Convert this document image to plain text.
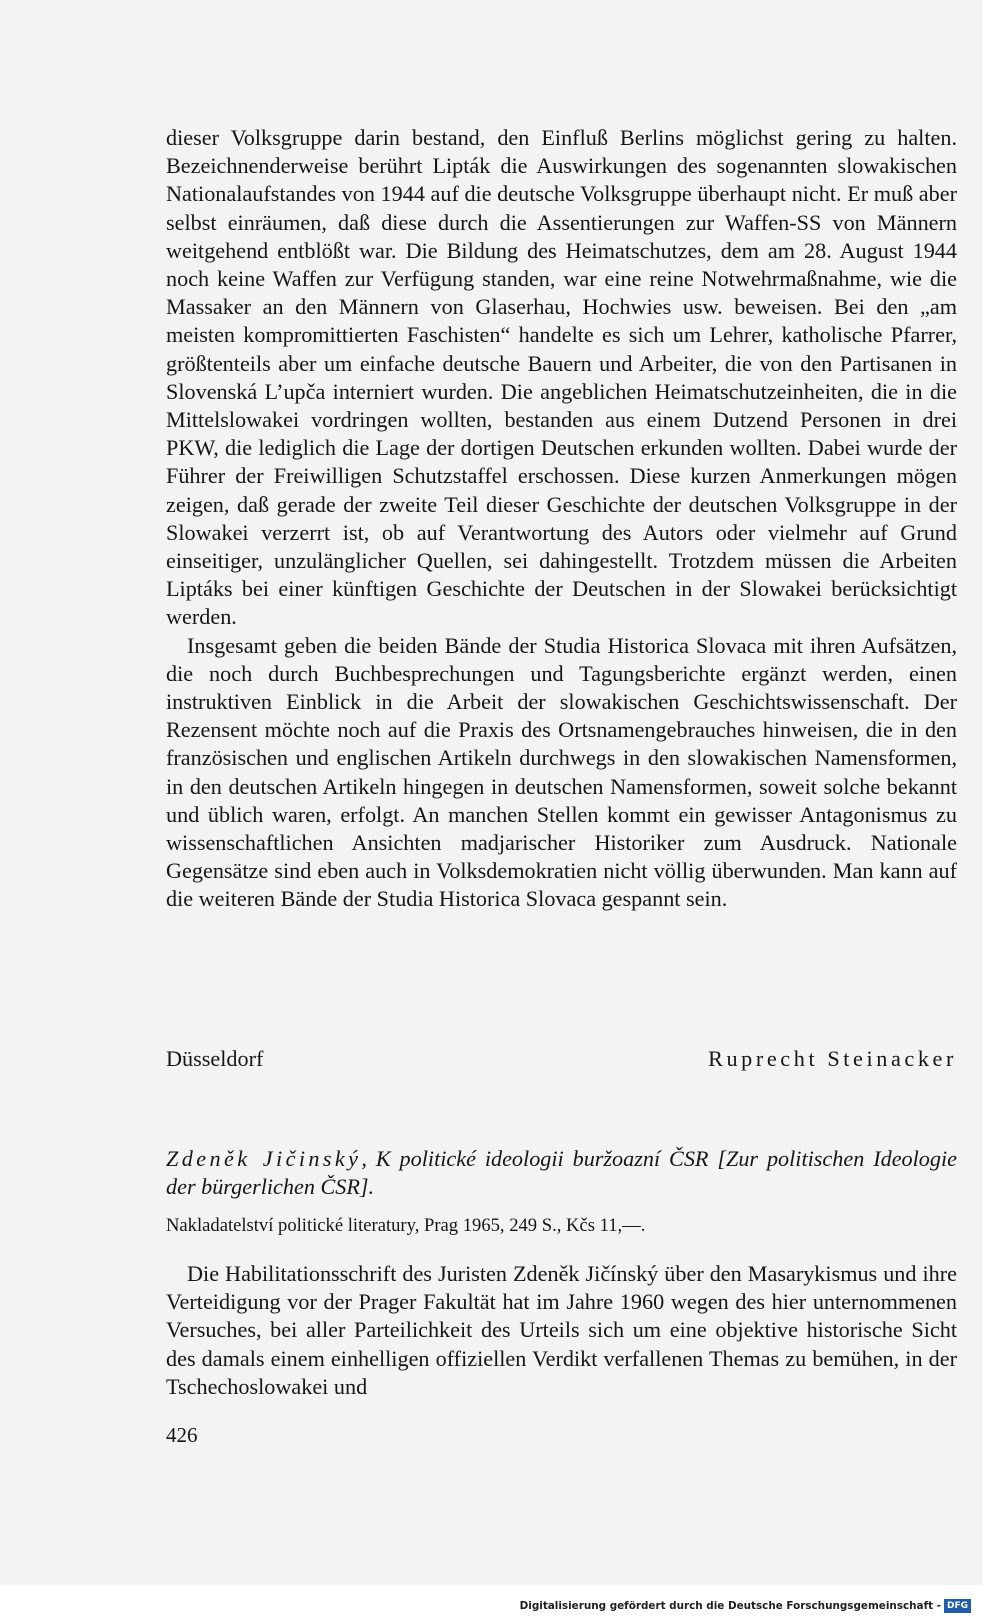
dieser Volksgruppe darin bestand, den Einfluß Berlins möglichst gering zu halten. Bezeichnenderweise berührt Lipták die Auswirkungen des sogenannten slowakischen Nationalaufstandes von 1944 auf die deutsche Volksgruppe überhaupt nicht. Er muß aber selbst einräumen, daß diese durch die Assentierungen zur Waffen-SS von Männern weitgehend entblößt war. Die Bildung des Heimatschutzes, dem am 28. August 1944 noch keine Waffen zur Verfügung standen, war eine reine Notwehrmaßnahme, wie die Massaker an den Männern von Glaserhau, Hochwies usw. beweisen. Bei den „am meisten kompromittierten Faschisten“ handelte es sich um Lehrer, katholische Pfarrer, größtenteils aber um einfache deutsche Bauern und Arbeiter, die von den Partisanen in Slovenská L’upča interniert wurden. Die angeblichen Heimatschutzeinheiten, die in die Mittelslowakei vordringen wollten, bestanden aus einem Dutzend Personen in drei PKW, die lediglich die Lage der dortigen Deutschen erkunden wollten. Dabei wurde der Führer der Freiwilligen Schutzstaffel erschossen. Diese kurzen Anmerkungen mögen zeigen, daß gerade der zweite Teil dieser Geschichte der deutschen Volksgruppe in der Slowakei verzerrt ist, ob auf Verantwortung des Autors oder vielmehr auf Grund einseitiger, unzulänglicher Quellen, sei dahingestellt. Trotzdem müssen die Arbeiten Liptáks bei einer künftigen Geschichte der Deutschen in der Slowakei berücksichtigt werden.

Insgesamt geben die beiden Bände der Studia Historica Slovaca mit ihren Aufsätzen, die noch durch Buchbesprechungen und Tagungsberichte ergänzt werden, einen instruktiven Einblick in die Arbeit der slowakischen Geschichtswissenschaft. Der Rezensent möchte noch auf die Praxis des Ortsnamengebrauches hinweisen, die in den französischen und englischen Artikeln durchwegs in den slowakischen Namensformen, in den deutschen Artikeln hingegen in deutschen Namensformen, soweit solche bekannt und üblich waren, erfolgt. An manchen Stellen kommt ein gewisser Antagonismus zu wissenschaftlichen Ansichten madjarischer Historiker zum Ausdruck. Nationale Gegensätze sind eben auch in Volksdemokratien nicht völlig überwunden. Man kann auf die weiteren Bände der Studia Historica Slovaca gespannt sein.

Düsseldorf	Ruprecht Steinacker
Zdeněk Jičinský, K politické ideologii buržoazní ČSR [Zur politischen Ideologie der bürgerlichen ČSR].
Nakladatelství politické literatury, Prag 1965, 249 S., Kčs 11,—.

Die Habilitationsschrift des Juristen Zdeněk Jičínský über den Masarykismus und ihre Verteidigung vor der Prager Fakultät hat im Jahre 1960 wegen des hier unternommenen Versuches, bei aller Parteilichkeit des Urteils sich um eine objektive historische Sicht des damals einem einhelligen offiziellen Verdikt verfallenen Themas zu bemühen, in der Tschechoslowakei und

426
Digitalisierung gefördert durch die Deutsche Forschungsgemeinschaft - DFG
